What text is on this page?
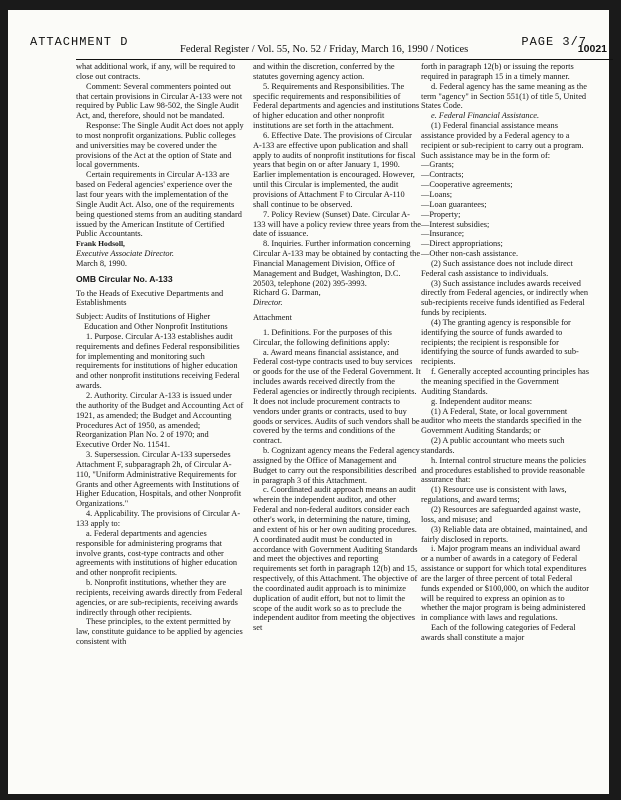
ATTACHMENT D	PAGE 3/7
Federal Register / Vol. 55, No. 52 / Friday, March 16, 1990 / Notices	10021

what additional work, if any, will be required to close out contracts.

Comment: Several commenters pointed out that certain provisions in Circular A-133 were not required by Public Law 98-502, the Single Audit Act, and, therefore, should not be mandated.

Response: The Single Audit Act does not apply to most nonprofit organizations. Public colleges and universities may be covered under the provisions of the Act at the option of State and local governments.

Certain requirements in Circular A-133 are based on Federal agencies' experience over the last four years with the implementation of the Single Audit Act. Also, one of the requirements being questioned stems from an auditing standard issued by the American Institute of Certified Public Accountants.

Frank Hodsoll,

Executive Associate Director.

March 8, 1990.

OMB Circular No. A-133

To the Heads of Executive Departments and Establishments

Subject: Audits of Institutions of Higher Education and Other Nonprofit Institutions

1. Purpose. Circular A-133 establishes audit requirements and defines Federal responsibilities for implementing and monitoring such requirements for institutions of higher education and other nonprofit institutions receiving Federal awards.

2. Authority. Circular A-133 is issued under the authority of the Budget and Accounting Act of 1921, as amended; the Budget and Accounting Procedures Act of 1950, as amended; Reorganization Plan No. 2 of 1970; and Executive Order No. 11541.

3. Supersession. Circular A-133 supersedes Attachment F, subparagraph 2h, of Circular A-110, "Uniform Administrative Requirements for Grants and other Agreements with Institutions of Higher Education, Hospitals, and other Nonprofit Organizations."

4. Applicability. The provisions of Circular A-133 apply to:

a. Federal departments and agencies responsible for administering programs that involve grants, cost-type contracts and other agreements with institutions of higher education and other nonprofit recipients.

b. Nonprofit institutions, whether they are recipients, receiving awards directly from Federal agencies, or are sub-recipients, receiving awards indirectly through other recipients.

These principles, to the extent permitted by law, constitute guidance to be applied by agencies consistent with

and within the discretion, conferred by the statutes governing agency action.

5. Requirements and Responsibilities. The specific requirements and responsibilities of Federal departments and agencies and institutions of higher education and other nonprofit institutions are set forth in the attachment.

6. Effective Date. The provisions of Circular A-133 are effective upon publication and shall apply to audits of nonprofit institutions for fiscal years that begin on or after January 1, 1990. Earlier implementation is encouraged. However, until this Circular is implemented, the audit provisions of Attachment F to Circular A-110 shall continue to be observed.

7. Policy Review (Sunset) Date. Circular A-133 will have a policy review three years from the date of issuance.

8. Inquiries. Further information concerning Circular A-133 may be obtained by contacting the Financial Management Division, Office of Management and Budget, Washington, D.C. 20503, telephone (202) 395-3993.

Richard G. Darman,

Director.

Attachment

1. Definitions. For the purposes of this Circular, the following definitions apply:

a. Award means financial assistance, and Federal cost-type contracts used to buy services or goods for the use of the Federal Government. It includes awards received directly from the Federal agencies or indirectly through recipients. It does not include procurement contracts to vendors under grants or contracts, used to buy goods or services. Audits of such vendors shall be covered by the terms and conditions of the contract.

b. Cognizant agency means the Federal agency assigned by the Office of Management and Budget to carry out the responsibilities described in paragraph 3 of this Attachment.

c. Coordinated audit approach means an audit wherein the independent auditor, and other Federal and non-federal auditors consider each other's work, in determining the nature, timing, and extent of his or her own auditing procedures. A coordinated audit must be conducted in accordance with Government Auditing Standards and meet the objectives and reporting requirements set forth in paragraph 12(b) and 15, respectively, of this Attachment. The objective of the coordinated audit approach is to minimize duplication of audit effort, but not to limit the scope of the audit work so as to preclude the independent auditor from meeting the objectives set

forth in paragraph 12(b) or issuing the reports required in paragraph 15 in a timely manner.

d. Federal agency has the same meaning as the term "agency" in Section 551(1) of title 5, United States Code.

e. Federal Financial Assistance.

(1) Federal financial assistance means assistance provided by a Federal agency to a recipient or sub-recipient to carry out a program. Such assistance may be in the form of:

—Grants;

—Contracts;

—Cooperative agreements;

—Loans;

—Loan guarantees;

—Property;

—Interest subsidies;

—Insurance;

—Direct appropriations;

—Other non-cash assistance.

(2) Such assistance does not include direct Federal cash assistance to individuals.

(3) Such assistance includes awards received directly from Federal agencies, or indirectly when sub-recipients receive funds identified as Federal funds by recipients.

(4) The granting agency is responsible for identifying the source of funds awarded to recipients; the recipient is responsible for identifying the source of funds awarded to sub-recipients.

f. Generally accepted accounting principles has the meaning specified in the Government Auditing Standards.

g. Independent auditor means:

(1) A Federal, State, or local government auditor who meets the standards specified in the Government Auditing Standards; or

(2) A public accountant who meets such standards.

h. Internal control structure means the policies and procedures established to provide reasonable assurance that:

(1) Resource use is consistent with laws, regulations, and award terms;

(2) Resources are safeguarded against waste, loss, and misuse; and

(3) Reliable data are obtained, maintained, and fairly disclosed in reports.

i. Major program means an individual award or a number of awards in a category of Federal assistance or support for which total expenditures are the larger of three percent of total Federal funds expended or $100,000, on which the auditor will be required to express an opinion as to whether the major program is being administered in compliance with laws and regulations.

Each of the following categories of Federal awards shall constitute a major
